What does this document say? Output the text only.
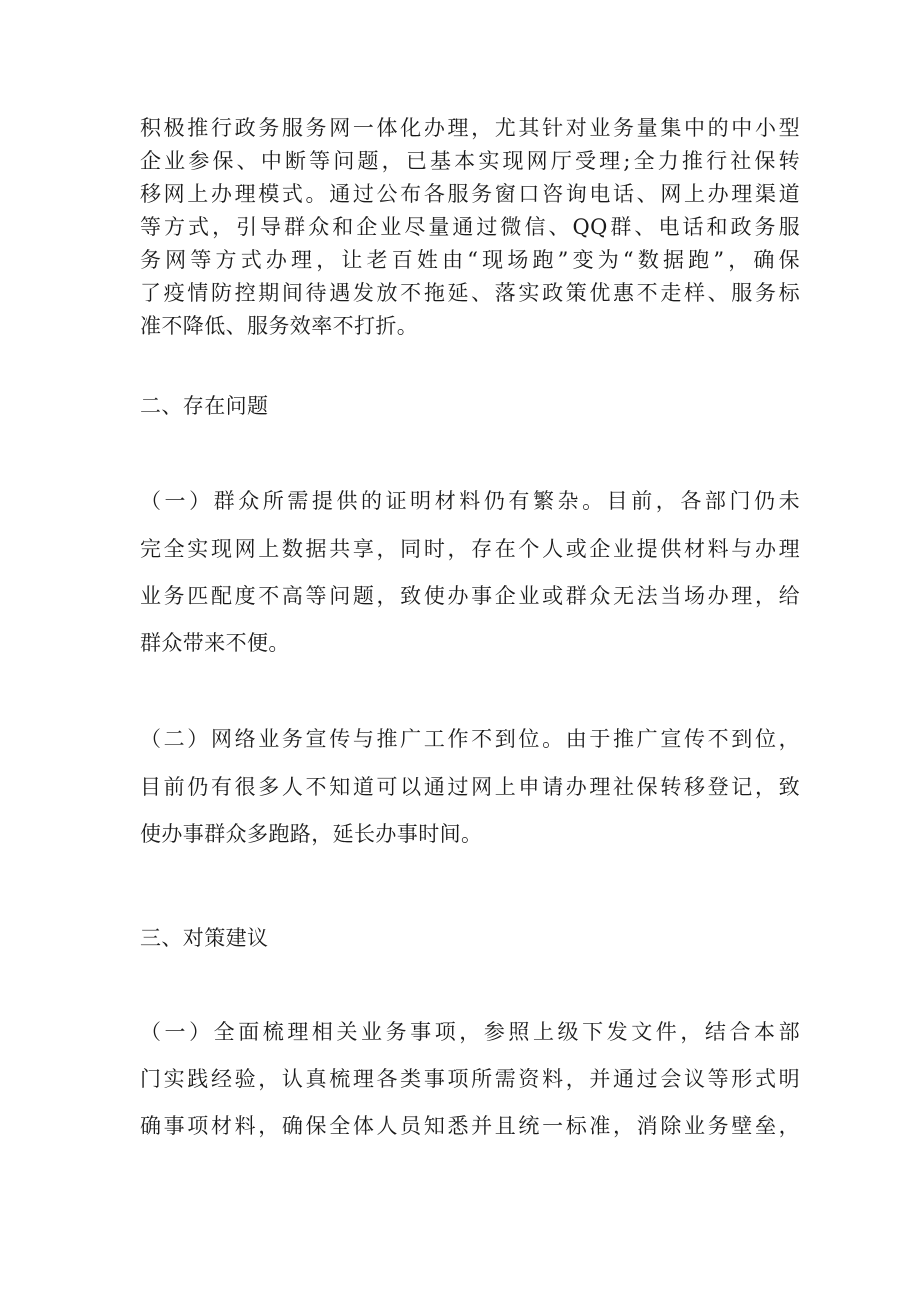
积极推行政务服务网一体化办理，尤其针对业务量集中的中小型
企业参保、中断等问题，已基本实现网厅受理;全力推行社保转
移网上办理模式。通过公布各服务窗口咨询电话、网上办理渠道
等方式，引导群众和企业尽量通过微信、QQ群、电话和政务服
务网等方式办理，让老百姓由“现场跑”变为“数据跑”，确保
了疫情防控期间待遇发放不拖延、落实政策优惠不走样、服务标
准不降低、服务效率不打折。
二、存在问题
（一）群众所需提供的证明材料仍有繁杂。目前，各部门仍未
完全实现网上数据共享，同时，存在个人或企业提供材料与办理
业务匹配度不高等问题，致使办事企业或群众无法当场办理，给
群众带来不便。
（二）网络业务宣传与推广工作不到位。由于推广宣传不到位，
目前仍有很多人不知道可以通过网上申请办理社保转移登记，致
使办事群众多跑路，延长办事时间。
三、对策建议
（一）全面梳理相关业务事项，参照上级下发文件，结合本部
门实践经验，认真梳理各类事项所需资料，并通过会议等形式明
确事项材料，确保全体人员知悉并且统一标准，消除业务壁垒，
